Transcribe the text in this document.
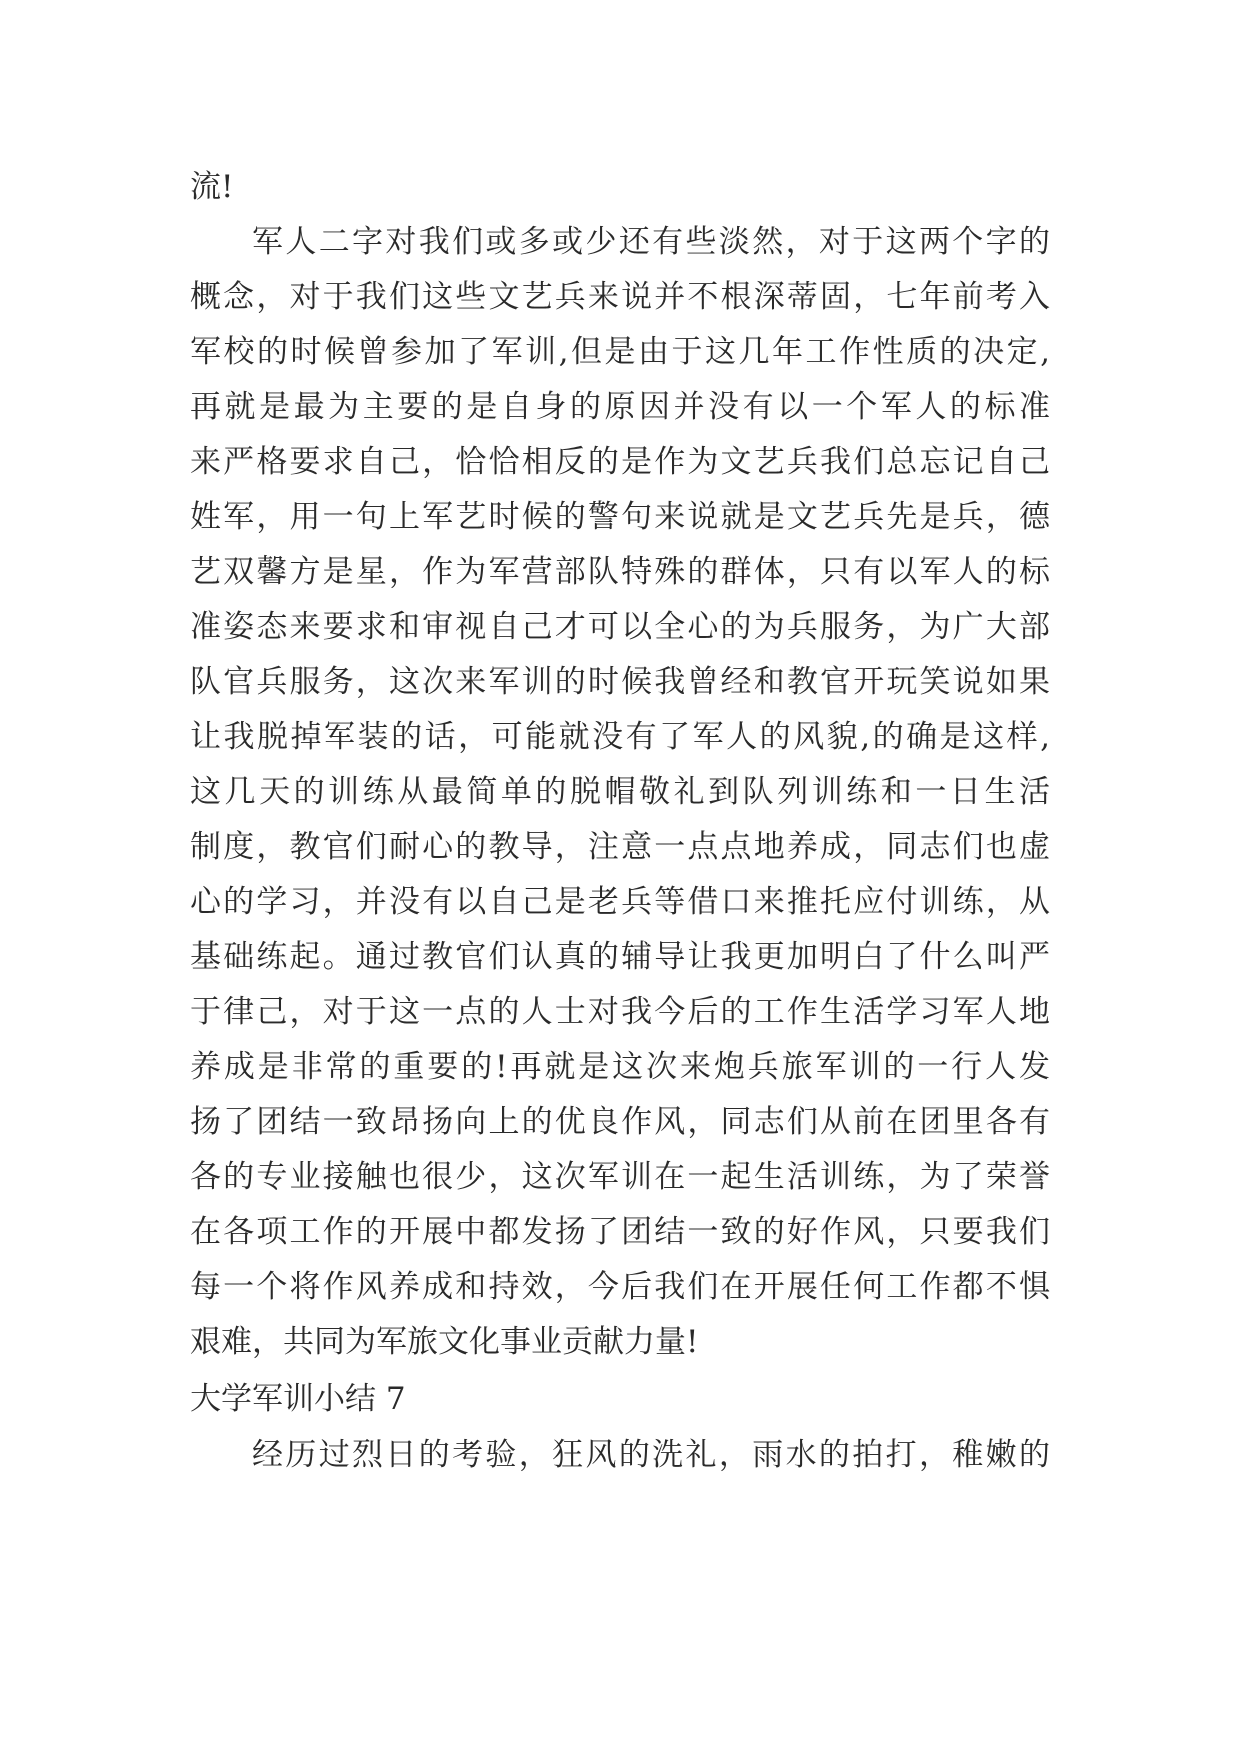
流!
军人二字对我们或多或少还有些淡然，对于这两个字的
概念，对于我们这些文艺兵来说并不根深蒂固，七年前考入
军校的时候曾参加了军训,但是由于这几年工作性质的决定,
再就是最为主要的是自身的原因并没有以一个军人的标准
来严格要求自己，恰恰相反的是作为文艺兵我们总忘记自己
姓军，用一句上军艺时候的警句来说就是文艺兵先是兵，德
艺双馨方是星，作为军营部队特殊的群体，只有以军人的标
准姿态来要求和审视自己才可以全心的为兵服务，为广大部
队官兵服务，这次来军训的时候我曾经和教官开玩笑说如果
让我脱掉军装的话，可能就没有了军人的风貌,的确是这样,
这几天的训练从最简单的脱帽敬礼到队列训练和一日生活
制度，教官们耐心的教导，注意一点点地养成，同志们也虚
心的学习，并没有以自己是老兵等借口来推托应付训练，从
基础练起。通过教官们认真的辅导让我更加明白了什么叫严
于律己，对于这一点的人士对我今后的工作生活学习军人地
养成是非常的重要的!再就是这次来炮兵旅军训的一行人发
扬了团结一致昂扬向上的优良作风，同志们从前在团里各有
各的专业接触也很少，这次军训在一起生活训练，为了荣誉
在各项工作的开展中都发扬了团结一致的好作风，只要我们
每一个将作风养成和持效，今后我们在开展任何工作都不惧
艰难，共同为军旅文化事业贡献力量!
大学军训小结 7
经历过烈日的考验，狂风的洗礼，雨水的拍打，稚嫩的
